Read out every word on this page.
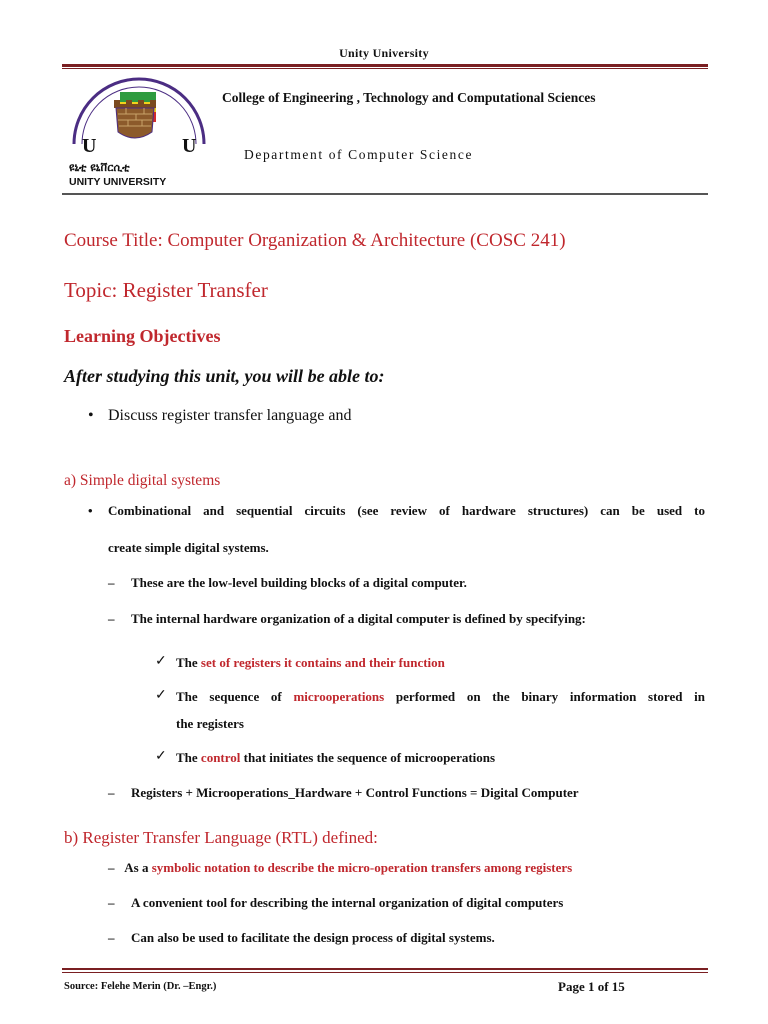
Unity University
U	U
ዩኒቲ ዩኒቨርሲቲ
UNITY UNIVERSITY
College of Engineering , Technology and Computational Sciences
Department of Computer Science
Course Title: Computer Organization & Architecture (COSC 241)
Topic: Register Transfer
Learning Objectives
After studying this unit, you will be able to:
• Discuss register transfer language and
a) Simple digital systems
• Combinational and sequential circuits (see review of hardware structures) can be used to
create simple digital systems.
– These are the low-level building blocks of a digital computer.
– The internal hardware organization of a digital computer is defined by specifying:
✓ The set of registers it contains and their function
✓ The sequence of microoperations performed on the binary information stored in
the registers
✓ The control that initiates the sequence of microoperations
– Registers + Microoperations_Hardware + Control Functions = Digital Computer
b) Register Transfer Language (RTL) defined:
– As a symbolic notation to describe the micro-operation transfers among registers
– A convenient tool for describing the internal organization of digital computers
– Can also be used to facilitate the design process of digital systems.
Source: Felehe Merin (Dr. –Engr.)	Page 1 of 15
